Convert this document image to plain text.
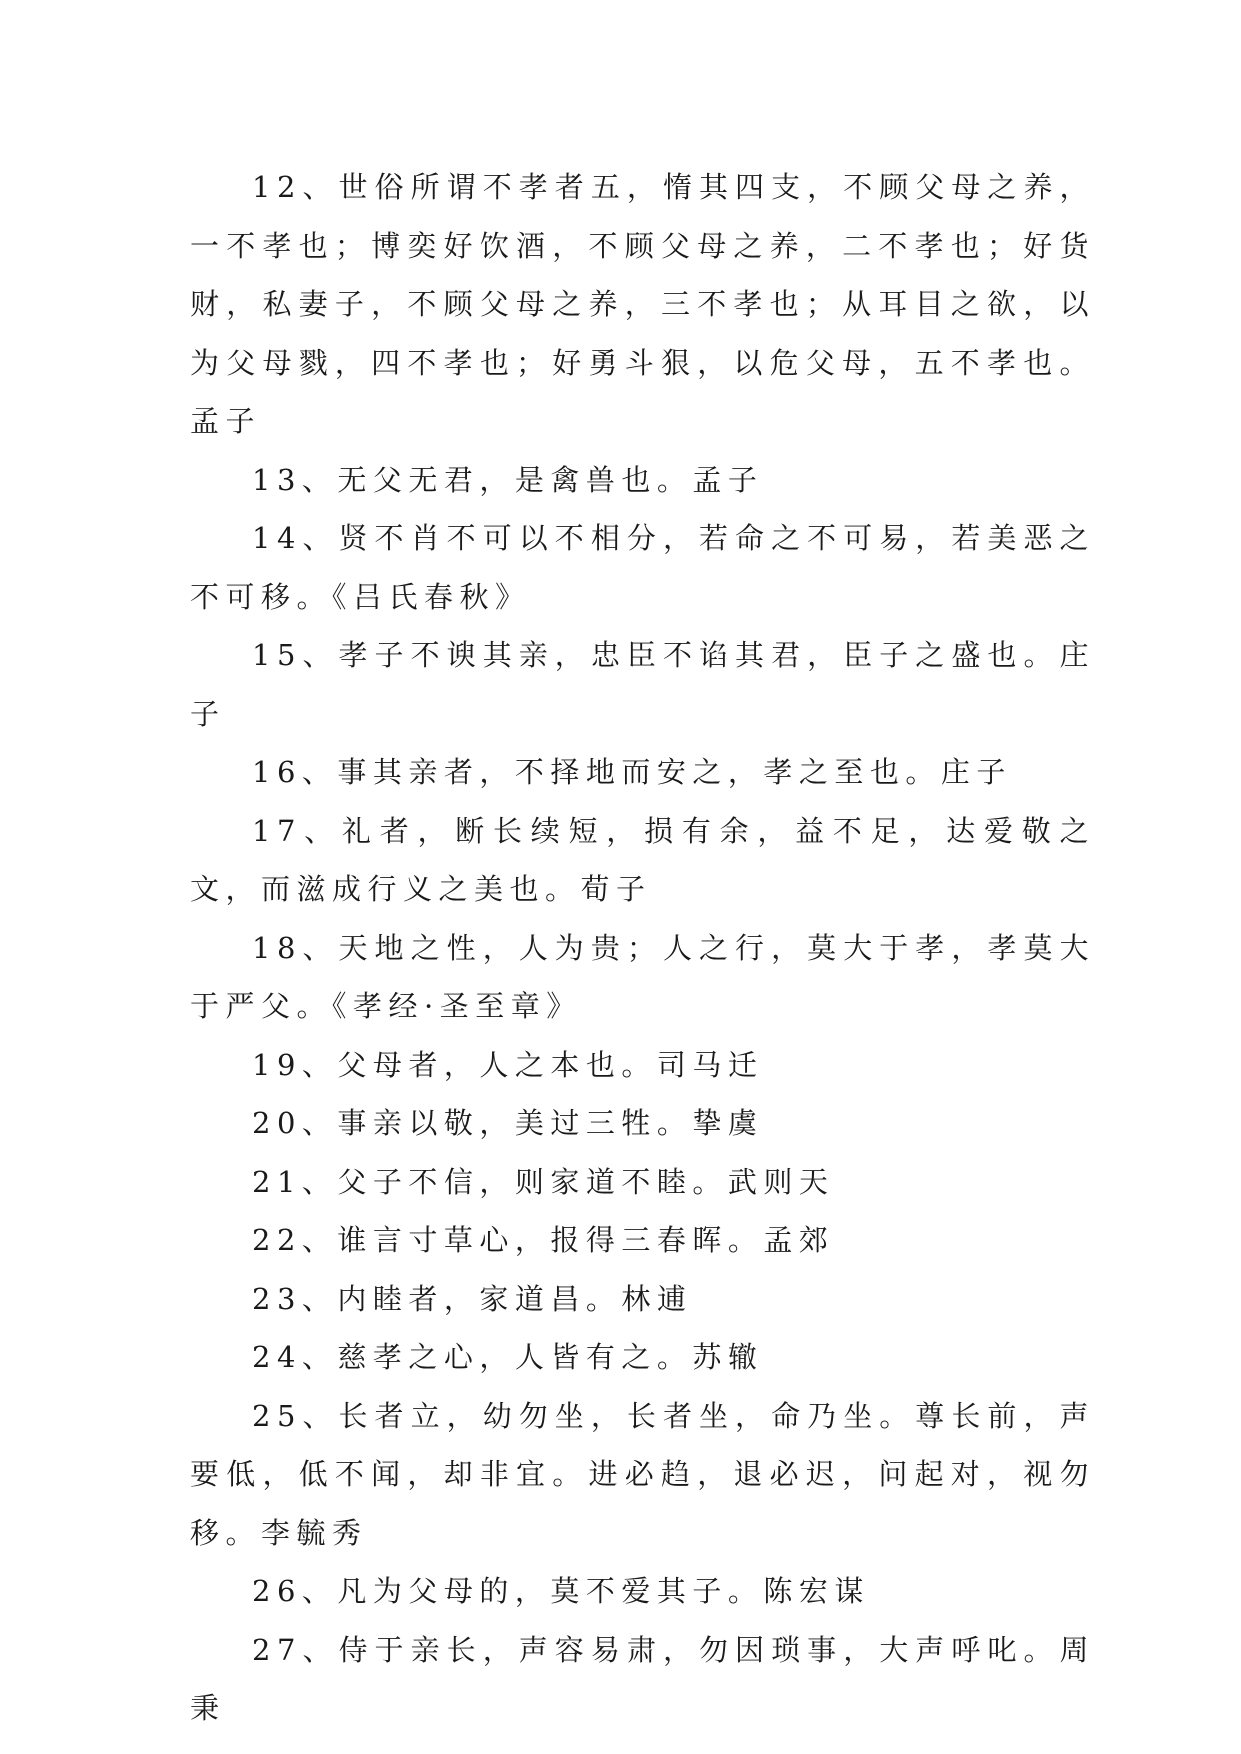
12、世俗所谓不孝者五，惰其四支，不顾父母之养，一不孝也；博奕好饮酒，不顾父母之养，二不孝也；好货财，私妻子，不顾父母之养，三不孝也；从耳目之欲，以为父母戮，四不孝也；好勇斗狠，以危父母，五不孝也。孟子

13、无父无君，是禽兽也。孟子

14、贤不肖不可以不相分，若命之不可易，若美恶之不可移。《吕氏春秋》

15、孝子不谀其亲，忠臣不谄其君，臣子之盛也。庄子

16、事其亲者，不择地而安之，孝之至也。庄子

17、礼者，断长续短，损有余，益不足，达爱敬之文，而滋成行义之美也。荀子

18、天地之性，人为贵；人之行，莫大于孝，孝莫大于严父。《孝经·圣至章》

19、父母者，人之本也。司马迁

20、事亲以敬，美过三牲。挚虞

21、父子不信，则家道不睦。武则天

22、谁言寸草心，报得三春晖。孟郊

23、内睦者，家道昌。林逋

24、慈孝之心，人皆有之。苏辙

25、长者立，幼勿坐，长者坐，命乃坐。尊长前，声要低，低不闻，却非宜。进必趋，退必迟，问起对，视勿移。李毓秀

26、凡为父母的，莫不爱其子。陈宏谋

27、侍于亲长，声容易肃，勿因琐事，大声呼叱。周秉
